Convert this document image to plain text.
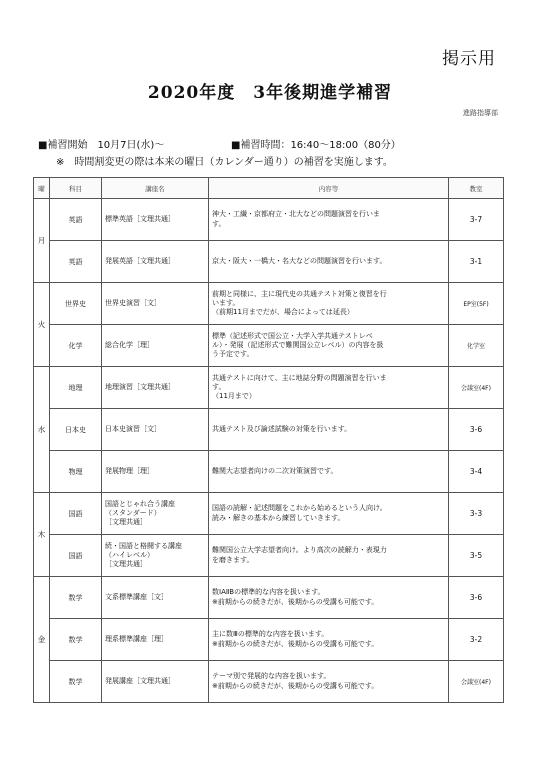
掲示用
2020年度　3年後期進学補習
進路指導部
■補習開始　10月7日(水)～	■補習時間：16:40～18:00（80分）
※　時間割変更の際は本来の曜日（カレンダー通り）の補習を実施します。
曜	科目	講座名	内容等	教室
月	英語	標準英語［文理共通］	神大・工繊・京都府立・北大などの問題演習を行いま
す。	3-7
	英語	発展英語［文理共通］	京大・阪大・一橋大・名大などの問題演習を行います。	3-1
火	世界史	世界史演習［文］	前期と同様に、主に現代史の共通テスト対策と復習を行
います。
（前期11月までだが、場合によっては延長）	EP室(5F)
	化学	総合化学［理］	標準（記述形式で国公立・大学入学共通テストレベ
ル）・発展（記述形式で難関国公立レベル）の内容を扱
う予定です。	化学室
水	地理	地理演習［文理共通］	共通テストに向けて、主に地誌分野の問題演習を行いま
す。
（11月まで）	会議室(4F)
	日本史	日本史演習［文］	共通テスト及び論述試験の対策を行います。	3-6
	物理	発展物理［理］	難関大志望者向けの二次対策演習です。	3-4
木	国語	国語とじゃれ合う講座
（スタンダード）
［文理共通］	国語の読解・記述問題をこれから始めるという人向け。
読み・解きの基本から練習していきます。	3-3
	国語	続・国語と格闘する講座
（ハイレベル）
［文理共通］	難関国公立大学志望者向け。より高次の読解力・表現力
を磨きます。	3-5
金	数学	文系標準講座［文］	数ⅠAⅡBの標準的な内容を扱います。
※前期からの続きだが、後期からの受講も可能です。	3-6
	数学	理系標準講座［理］	主に数Ⅲの標準的な内容を扱います。
※前期からの続きだが、後期からの受講も可能です。	3-2
	数学	発展講座［文理共通］	テーマ別で発展的な内容を扱います。
※前期からの続きだが、後期からの受講も可能です。	会議室(4F)
